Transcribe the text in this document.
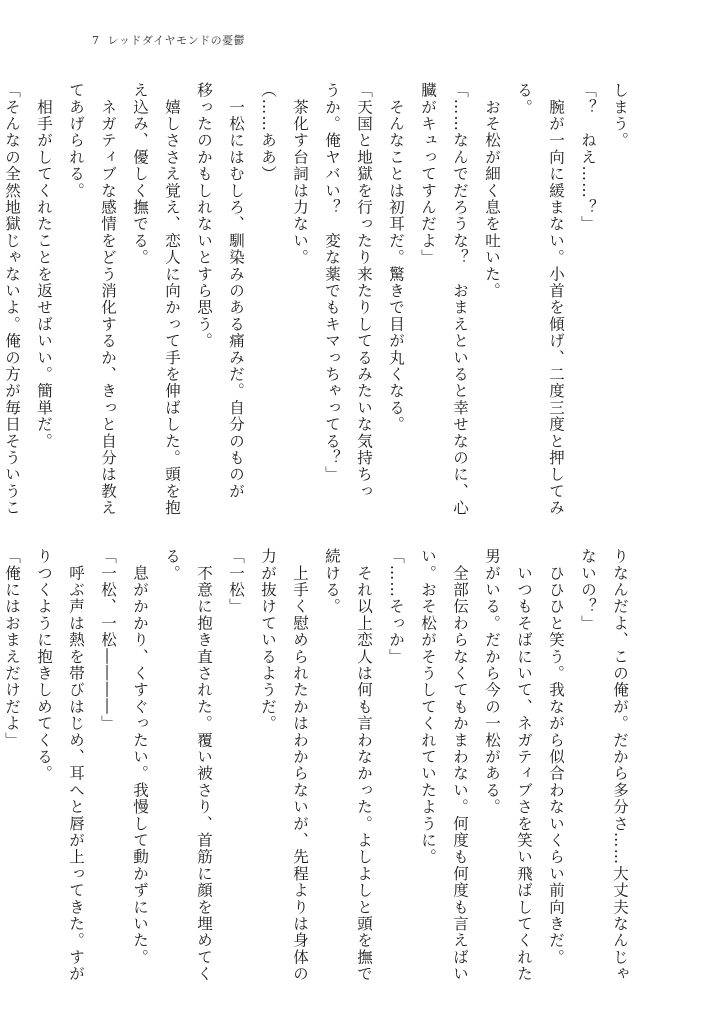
7 レッドダイヤモンドの憂鬱
しまう。
「？　ねえ……？」
　腕が一向に緩まない。小首を傾げ、二度三度と押してみ
る。
　おそ松が細く息を吐いた。
「……なんでだろうな？　おまえといると幸せなのに、心
臓がキュってすんだよ」
　そんなことは初耳だ。驚きで目が丸くなる。
「天国と地獄を行ったり来たりしてるみたいな気持ちっ
うか。俺ヤバい？　変な薬でもキマっちゃってる？」
　茶化す台詞は力ない。
（……ああ）
　一松にはむしろ、馴染みのある痛みだ。自分のものが
移ったのかもしれないとすら思う。
　嬉しささえ覚え、恋人に向かって手を伸ばした。頭を抱
え込み、優しく撫でる。
　ネガティブな感情をどう消化するか、きっと自分は教え
てあげられる。
　相手がしてくれたことを返せばいい。簡単だ。
「そんなの全然地獄じゃないよ。俺の方が毎日そういうこ
りなんだよ、この俺が。だから多分さ……大丈夫なんじゃ
ないの？」
　ひひひと笑う。我ながら似合わないくらい前向きだ。
　いつもそばにいて、ネガティブさを笑い飛ばしてくれた
男がいる。だから今の一松がある。
　全部伝わらなくてもかまわない。何度も何度も言えばい
い。おそ松がそうしてくれていたように。
「……そっか」
　それ以上恋人は何も言わなかった。よしよしと頭を撫で
続ける。
　上手く慰められたかはわからないが、先程よりは身体の
力が抜けているようだ。
「一松」
　不意に抱き直された。覆い被さり、首筋に顔を埋めてく
る。
　息がかかり、くすぐったい。我慢して動かずにいた。
「一松、一松――――」
　呼ぶ声は熱を帯びはじめ、耳へと唇が上ってきた。すが
りつくように抱きしめてくる。
「俺にはおまえだけだよ」
